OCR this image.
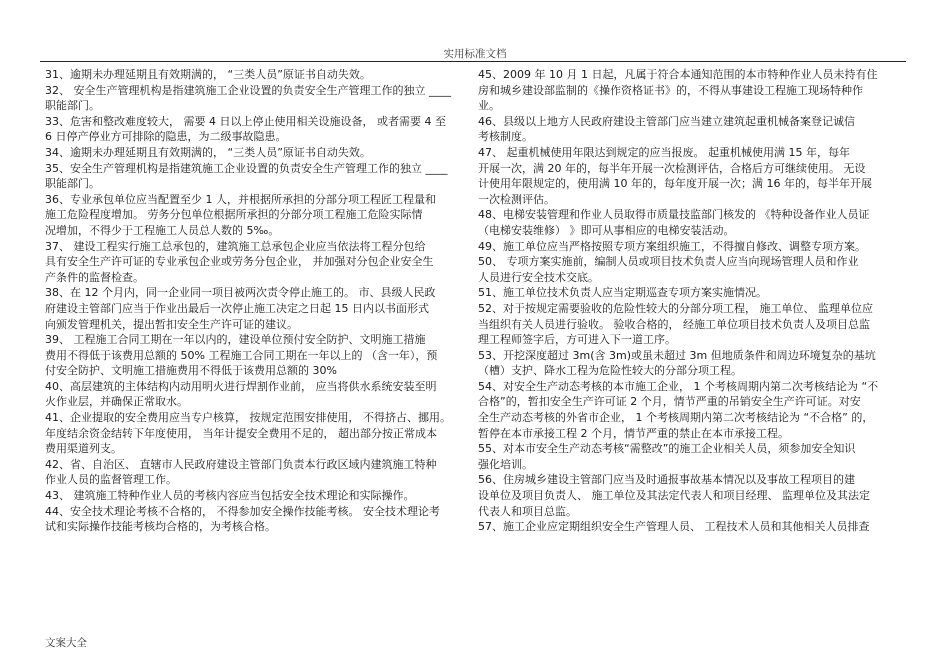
实用标准文档

31、逾期未办理延期且有效期满的， “三类人员”原证书自动失效。

32、 安全生产管理机构是指建筑施工企业设置的负责安全生产管理工作的独立 ____

职能部门。

33、危害和整改难度较大， 需要 4 日以上停止使用相关设施设备， 或者需要 4 至

6 日停产停业方可排除的隐患，为二级事故隐患。

34、逾期未办理延期且有效期满的， “三类人员”原证书自动失效。

35、安全生产管理机构是指建筑施工企业设置的负责安全生产管理工作的独立 ____

职能部门。

36、专业承包单位应当配置至少 1 人，并根据所承担的分部分项工程匠工程量和

施工危险程度增加。 劳务分包单位根据所承担的分部分项工程施工危险实际情

况增加，不得少于工程施工人员总人数的 5‰。

37、 建设工程实行施工总承包的，建筑施工总承包企业应当依法将工程分包给

具有安全生产许可证的专业承包企业或劳务分包企业， 并加强对分包企业安全生

产条件的监督检查。

38、在 12 个月内，同一企业同一项目被两次责令停止施工的。 市、县级人民政

府建设主管部门应当于作业出最后一次停止施工决定之日起 15 日内以书面形式

向颁发管理机关，提出暂扣安全生产许可证的建议。

39、 工程施工合同工期在一年以内的，建设单位预付安全防护、文明施工措施

费用不得低于该费用总额的 50% 工程施工合同工期在一年以上的 （含一年），预

付安全防护、文明施工措施费用不得低于该费用总额的 30%

40、高层建筑的主体结构内动用明火进行焊割作业前， 应当将供水系统安装至明

火作业层，并确保正常取水。

41、企业提取的安全费用应当专户核算， 按规定范围安排使用， 不得挤占、挪用。

年度结余资金结转下年度使用， 当年计提安全费用不足的， 超出部分按正常成本

费用渠道列支。

42、省、自治区、 直辖市人民政府建设主管部门负责本行政区域内建筑施工特种

作业人员的监督管理工作。

43、 建筑施工特种作业人员的考核内容应当包括安全技术理论和实际操作。

44、安全技术理论考核不合格的， 不得参加安全操作技能考核。 安全技术理论考

试和实际操作技能考核均合格的，为考核合格。

45、2009 年 10 月 1 日起，凡属于符合本通知范围的本市特种作业人员未持有住

房和城乡建设部监制的《操作资格证书》的，不得从事建设工程施工现场特种作

业。

46、县级以上地方人民政府建设主管部门应当建立建筑起重机械备案登记诚信

考核制度。

47、 起重机械使用年限达到规定的应当报废。 起重机械使用满 15 年，每年

开展一次，满 20 年的，每半年开展一次检测评估，合格后方可继续使用。 无设

计使用年限规定的，使用满 10 年的，每年度开展一次；满 16 年的，每半年开展

一次检测评估。

48、电梯安装管理和作业人员取得市质量技监部门核发的 《特种设备作业人员证

（电梯安装维修） 》即可从事相应的电梯安装活动。

49、施工单位应当严格按照专项方案组织施工，不得擅自修改、调整专项方案。

50、 专项方案实施前，编制人员或项目技术负责人应当向现场管理人员和作业

人员进行安全技术交底。

51、施工单位技术负责人应当定期巡查专项方案实施情况。

52、对于按规定需要验收的危险性较大的分部分项工程， 施工单位、 监理单位应

当组织有关人员进行验收。 验收合格的， 经施工单位项目技术负责人及项目总监

理工程师签字后，方可进入下一道工序。

53、开挖深度超过 3m(含 3m)或虽未超过 3m 但地质条件和周边环境复杂的基坑

（槽）支护、降水工程为危险性较大的分部分项工程。

54、对安全生产动态考核的本市施工企业， 1 个考核周期内第二次考核结论为 “不

合格”的，暂扣安全生产许可证 2 个月，情节严重的吊销安全生产许可证。对安

全生产动态考核的外省市企业， 1 个考核周期内第二次考核结论为 “不合格” 的，

暂停在本市承接工程 2 个月，情节严重的禁止在本市承接工程。

55、对本市安全生产动态考核“需整改”的施工企业相关人员，须参加安全知识

强化培训。

56、住房城乡建设主管部门应当及时通报事故基本情况以及事故工程项目的建

设单位及项目负责人、 施工单位及其法定代表人和项目经理、 监理单位及其法定

代表人和项目总监。

57、施工企业应定期组织安全生产管理人员、 工程技术人员和其他相关人员排查

文案大全
